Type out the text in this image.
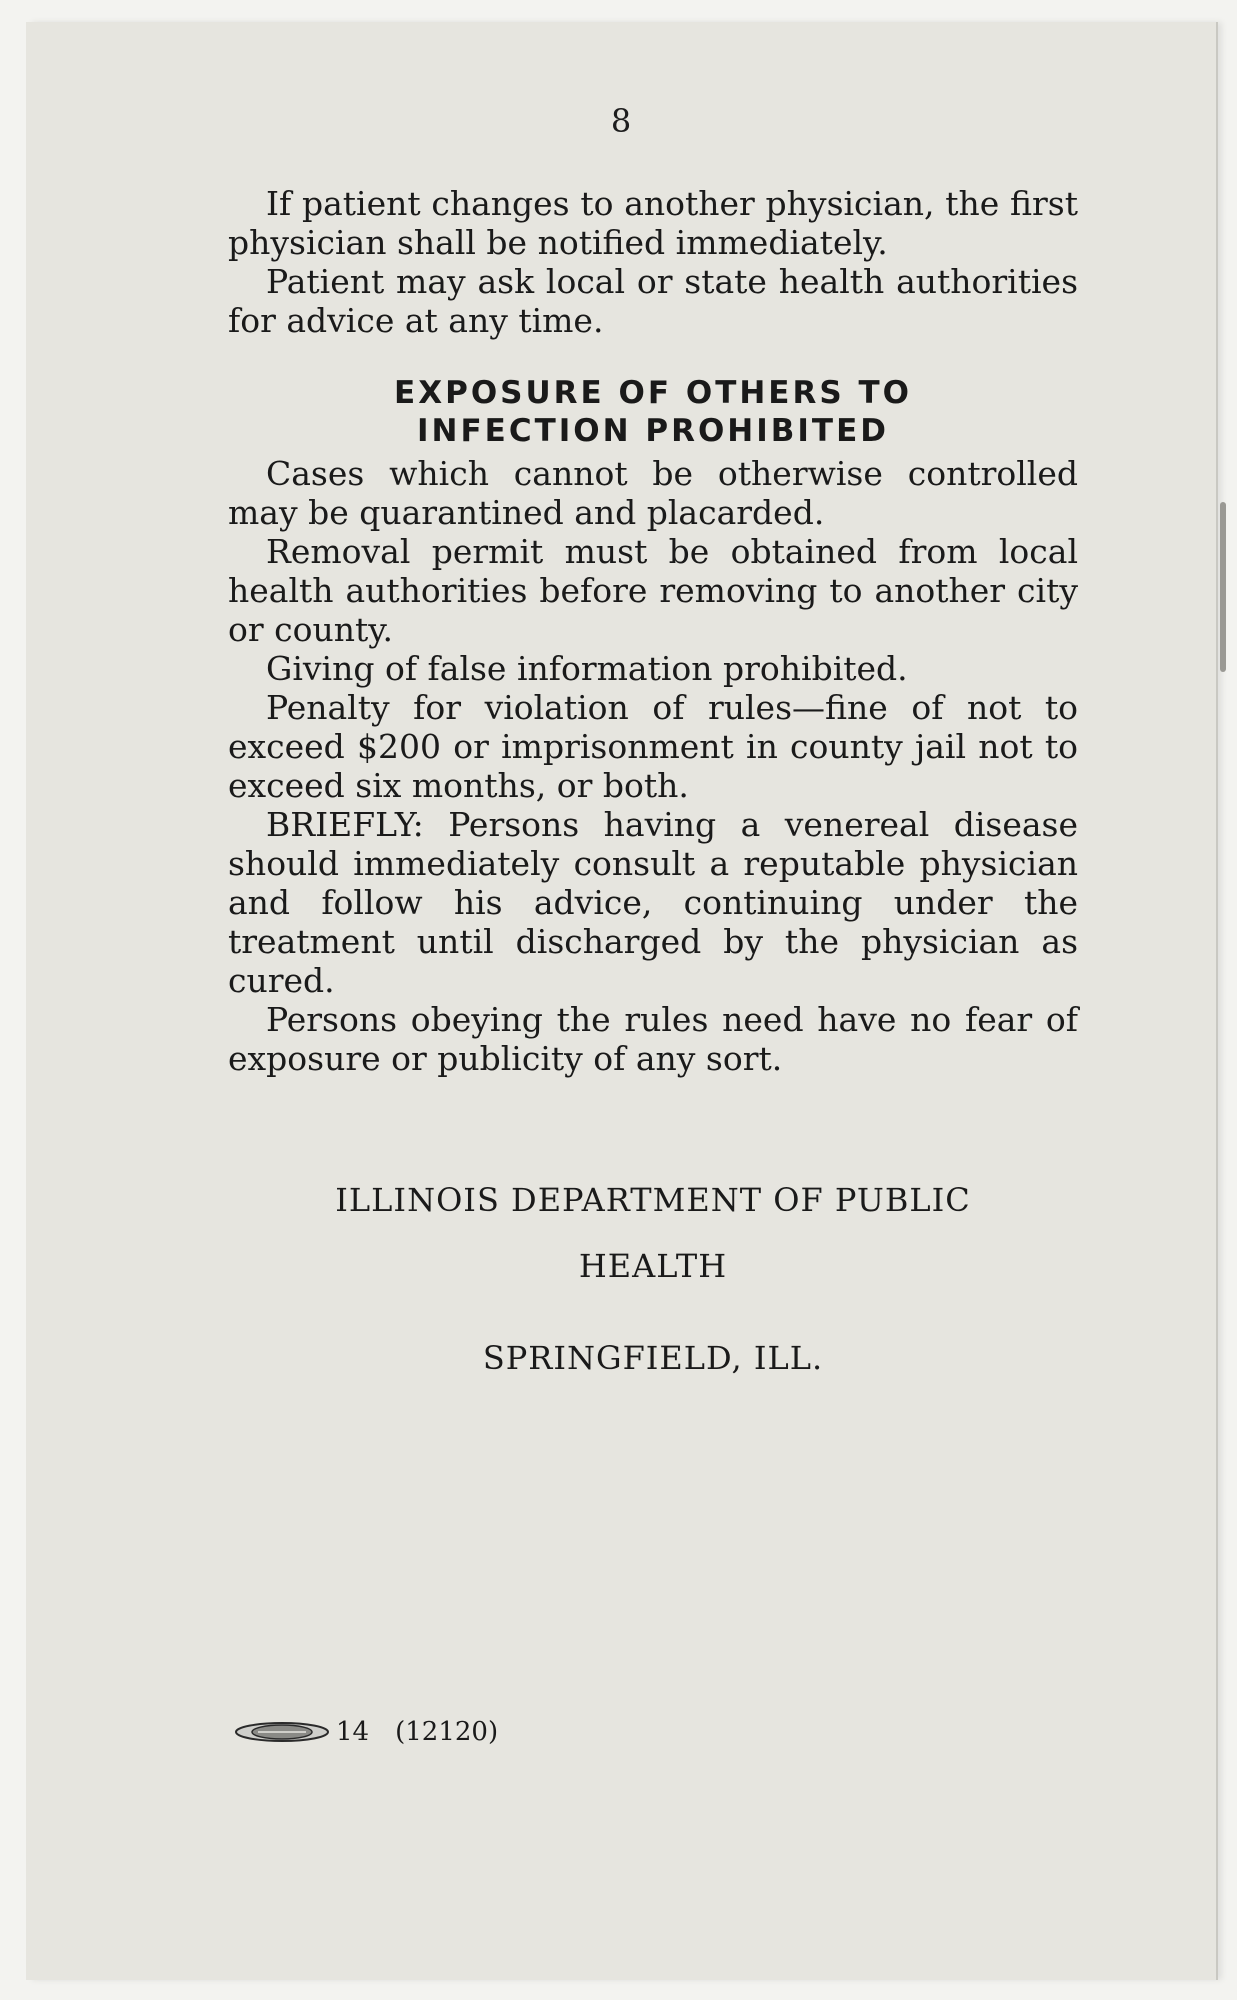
8

If patient changes to another physician, the first physician shall be notified immediately.

Patient may ask local or state health authorities for advice at any time.

EXPOSURE OF OTHERS TO
INFECTION PROHIBITED

Cases which cannot be otherwise controlled may be quarantined and placarded.

Removal permit must be obtained from local health authorities before removing to another city or county.

Giving of false information prohibited.

Penalty for violation of rules—fine of not to exceed $200 or imprisonment in county jail not to exceed six months, or both.

BRIEFLY: Persons having a venereal disease should immediately consult a reputable physician and follow his advice, continuing under the treatment until discharged by the physician as cured.

Persons obeying the rules need have no fear of exposure or publicity of any sort.

ILLINOIS DEPARTMENT OF PUBLIC
HEALTH
SPRINGFIELD, ILL.
14 (12120)
